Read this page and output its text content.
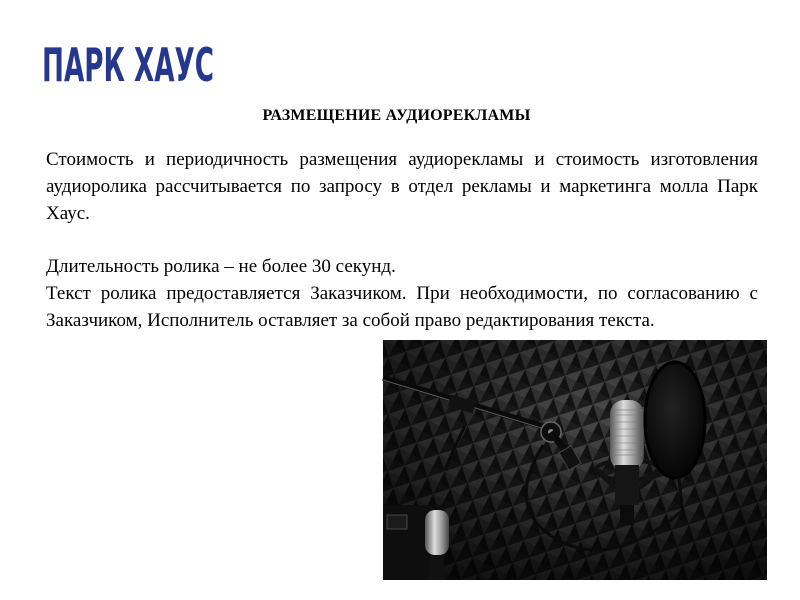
ПАРК ХАУС
РАЗМЕЩЕНИЕ АУДИОРЕКЛАМЫ

Стоимость и периодичность размещения аудиорекламы и стоимость изготовления аудиоролика рассчитывается по запросу в отдел рекламы и маркетинга молла Парк Хаус.

Длительность ролика – не более 30 секунд.

Текст ролика предоставляется Заказчиком. При необходимости, по согласованию с Заказчиком, Исполнитель оставляет за собой право редактирования текста.
